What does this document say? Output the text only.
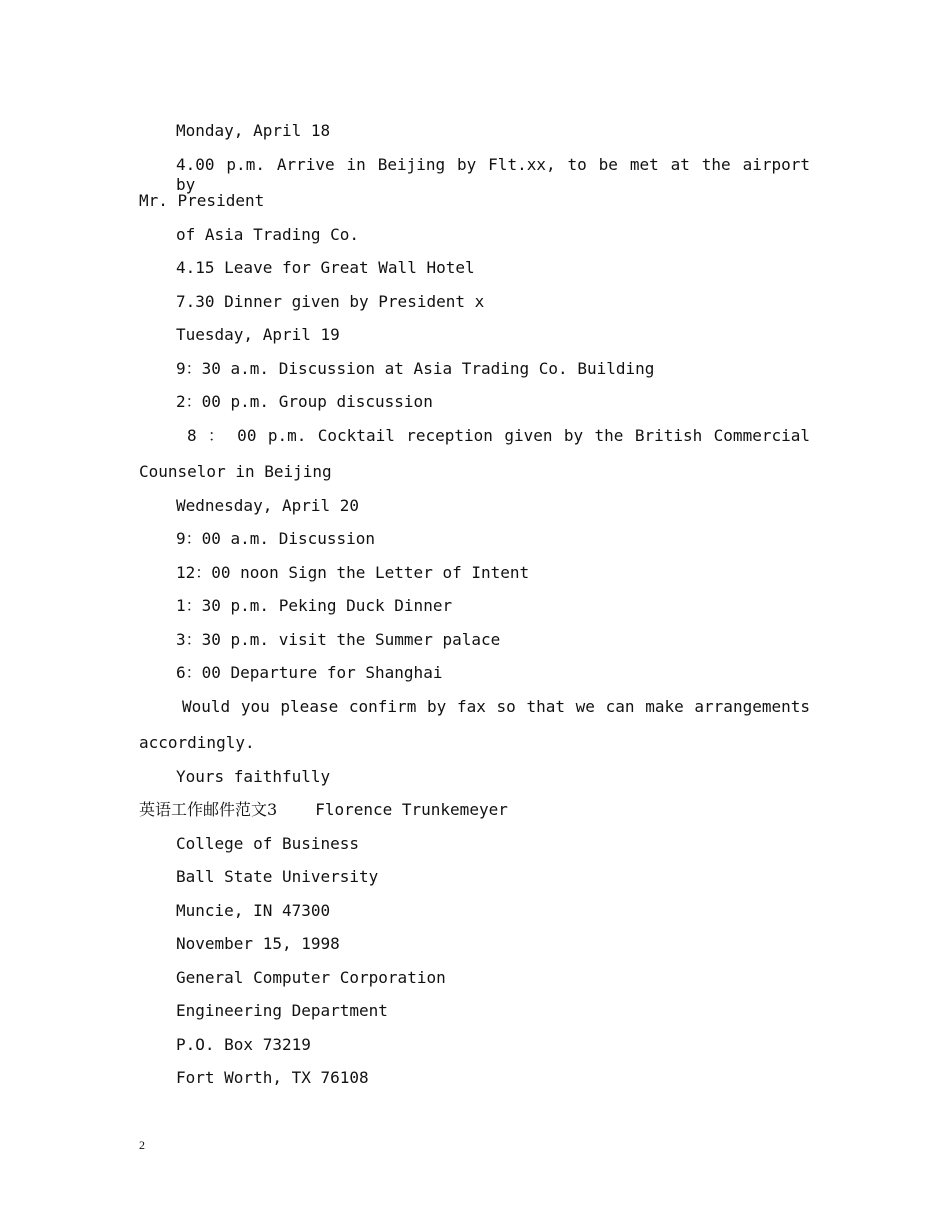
Monday, April 18
4.00 p.m. Arrive in Beijing by Flt.xx, to be met at the airport by
Mr. President
of Asia Trading Co.
4.15 Leave for Great Wall Hotel
7.30 Dinner given by President x
Tuesday, April 19
9：30 a.m. Discussion at Asia Trading Co. Building
2：00 p.m. Group discussion
8 ： 00 p.m. Cocktail reception given by the British Commercial
Counselor in Beijing
Wednesday, April 20
9：00 a.m. Discussion
12：00 noon Sign the Letter of Intent
1：30 p.m. Peking Duck Dinner
3：30 p.m. visit the Summer palace
6：00 Departure for Shanghai
Would you please confirm by fax so that we can make arrangements
accordingly.
Yours faithfully
英语工作邮件范文3 Florence Trunkemeyer
College of Business
Ball State University
Muncie, IN 47300
November 15, 1998
General Computer Corporation
Engineering Department
P.O. Box 73219
Fort Worth, TX 76108
2
